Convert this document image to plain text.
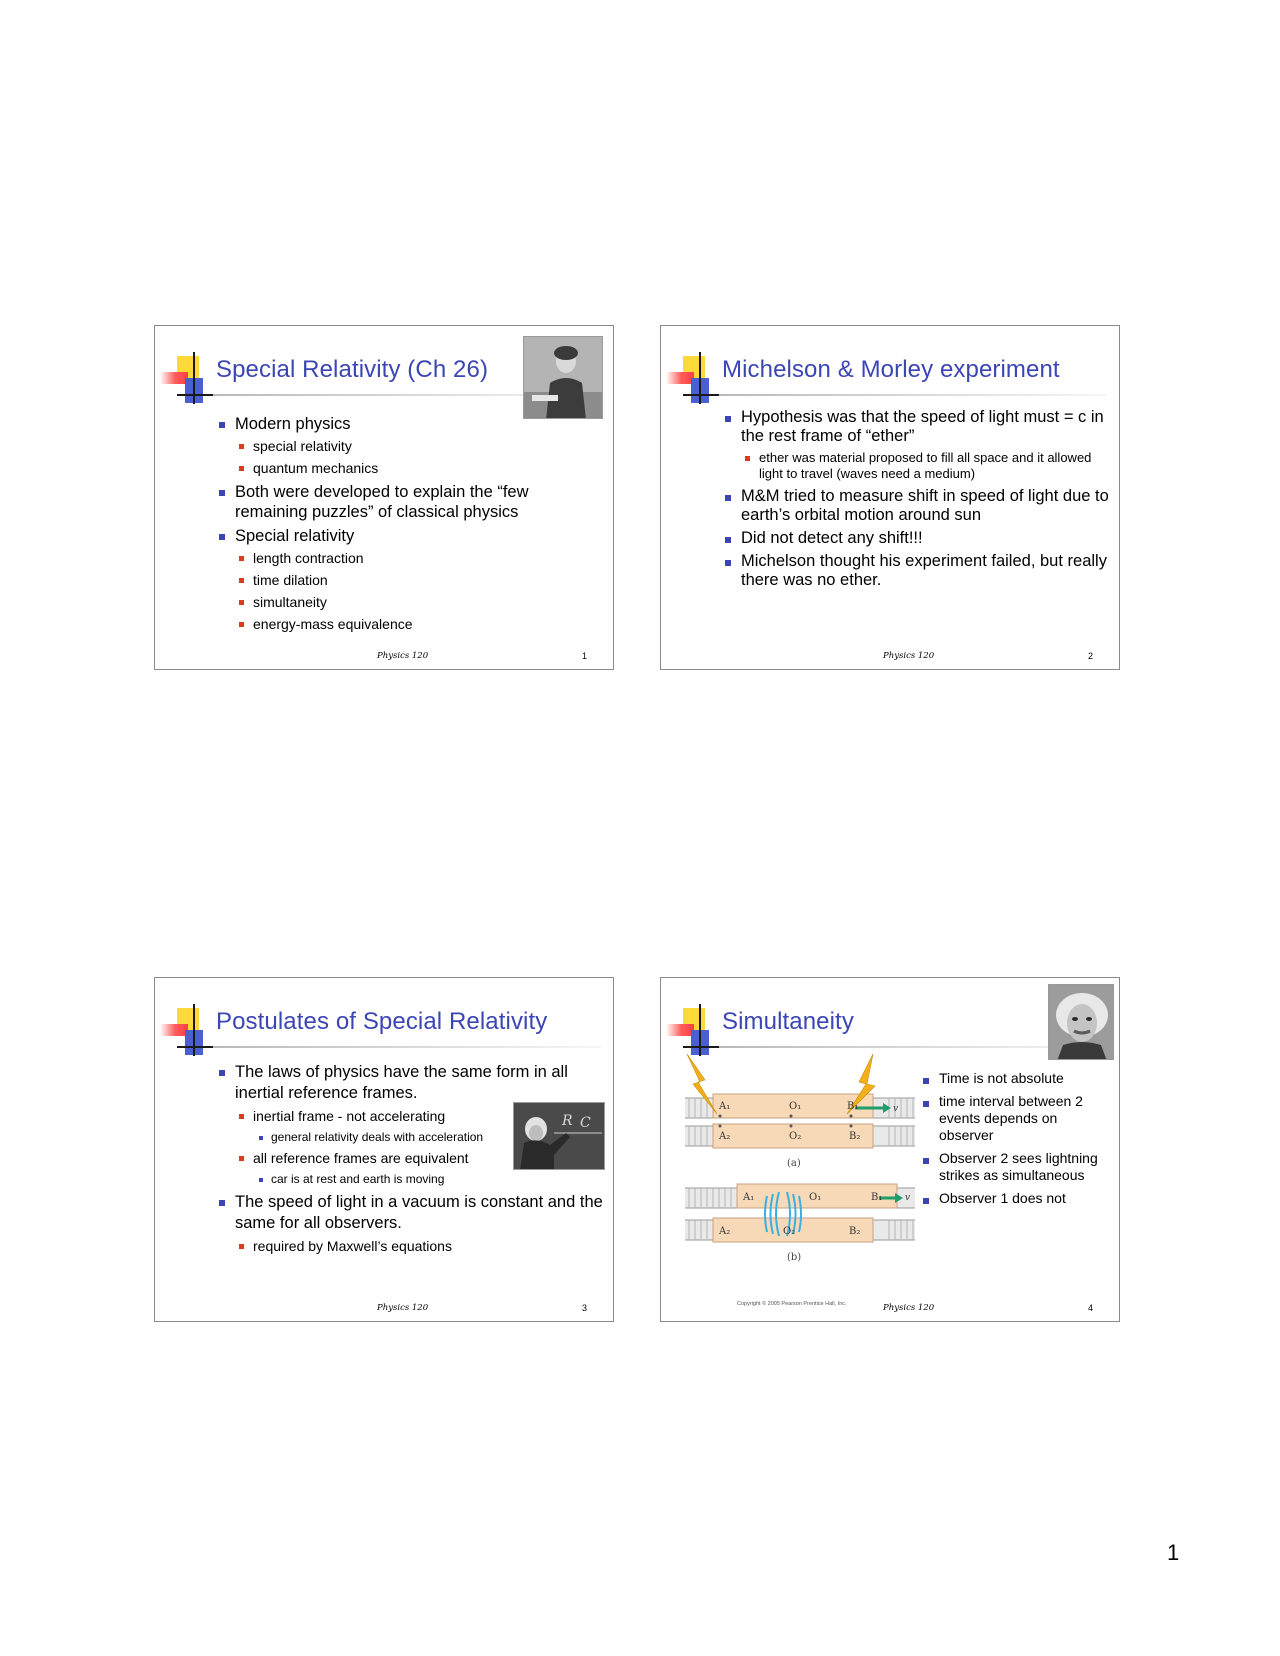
Special Relativity (Ch 26)
Modern physics
special relativity
quantum mechanics
Both were developed to explain the “few remaining puzzles” of classical physics
Special relativity
length contraction
time dilation
simultaneity
energy-mass equivalence
Physics 120	1
Michelson & Morley experiment
Hypothesis was that the speed of light must = c in the rest frame of “ether”
ether was material proposed to fill all space and it allowed light to travel (waves need a medium)
M&M tried to measure shift in speed of light due to earth’s orbital motion around sun
Did not detect any shift!!!
Michelson thought his experiment failed, but really there was no ether.
Physics 120	2
Postulates of Special Relativity
R C
The laws of physics have the same form in all inertial reference frames.
inertial frame - not accelerating
general relativity deals with acceleration
all reference frames are equivalent
car is at rest and earth is moving
The speed of light in a vacuum is constant and the same for all observers.
required by Maxwell’s equations
Physics 120	3
Simultaneity
A₁	O₁	B₁	v
A₂	O₂	B₂
(a)
A₁	O₁	B₁	v
A₂	O₂	B₂
(b)
Copyright © 2005 Pearson Prentice Hall, Inc.
Time is not absolute
time interval between 2 events depends on observer
Observer 2 sees lightning strikes as simultaneous
Observer 1 does not
Physics 120	4
1
